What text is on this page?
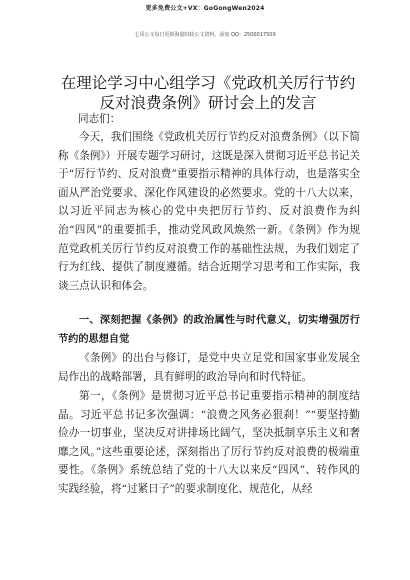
更多免费公文+VX：GoGongWen2024
七哥公文每日更新海量时政公文资料，添加 QQ：2500017509
在理论学习中心组学习《党政机关厉行节约反对浪费条例》研讨会上的发言
同志们：
今天，我们围绕《党政机关厉行节约反对浪费条例》（以下简称《条例》）开展专题学习研讨，这既是深入贯彻习近平总书记关于“厉行节约、反对浪费”重要指示精神的具体行动，也是落实全面从严治党要求、深化作风建设的必然要求。党的十八大以来，以习近平同志为核心的党中央把厉行节约、反对浪费作为纠治“四风”的重要抓手，推动党风政风焕然一新。《条例》作为规范党政机关厉行节约反对浪费工作的基础性法规，为我们划定了行为红线、提供了制度遵循。结合近期学习思考和工作实际，我谈三点认识和体会。
一、深刻把握《条例》的政治属性与时代意义，切实增强厉行节约的思想自觉
《条例》的出台与修订，是党中央立足党和国家事业发展全局作出的战略部署，具有鲜明的政治导向和时代特征。
第一，《条例》是贯彻习近平总书记重要指示精神的制度结晶。习近平总书记多次强调：“浪费之风务必狠刹！”“要坚持勤俭办一切事业，坚决反对讲排场比阔气，坚决抵制享乐主义和奢靡之风。”这些重要论述，深刻指出了厉行节约反对浪费的极端重要性。《条例》系统总结了党的十八大以来反“四风”、转作风的实践经验，将“过紧日子”的要求制度化、规范化，从经
